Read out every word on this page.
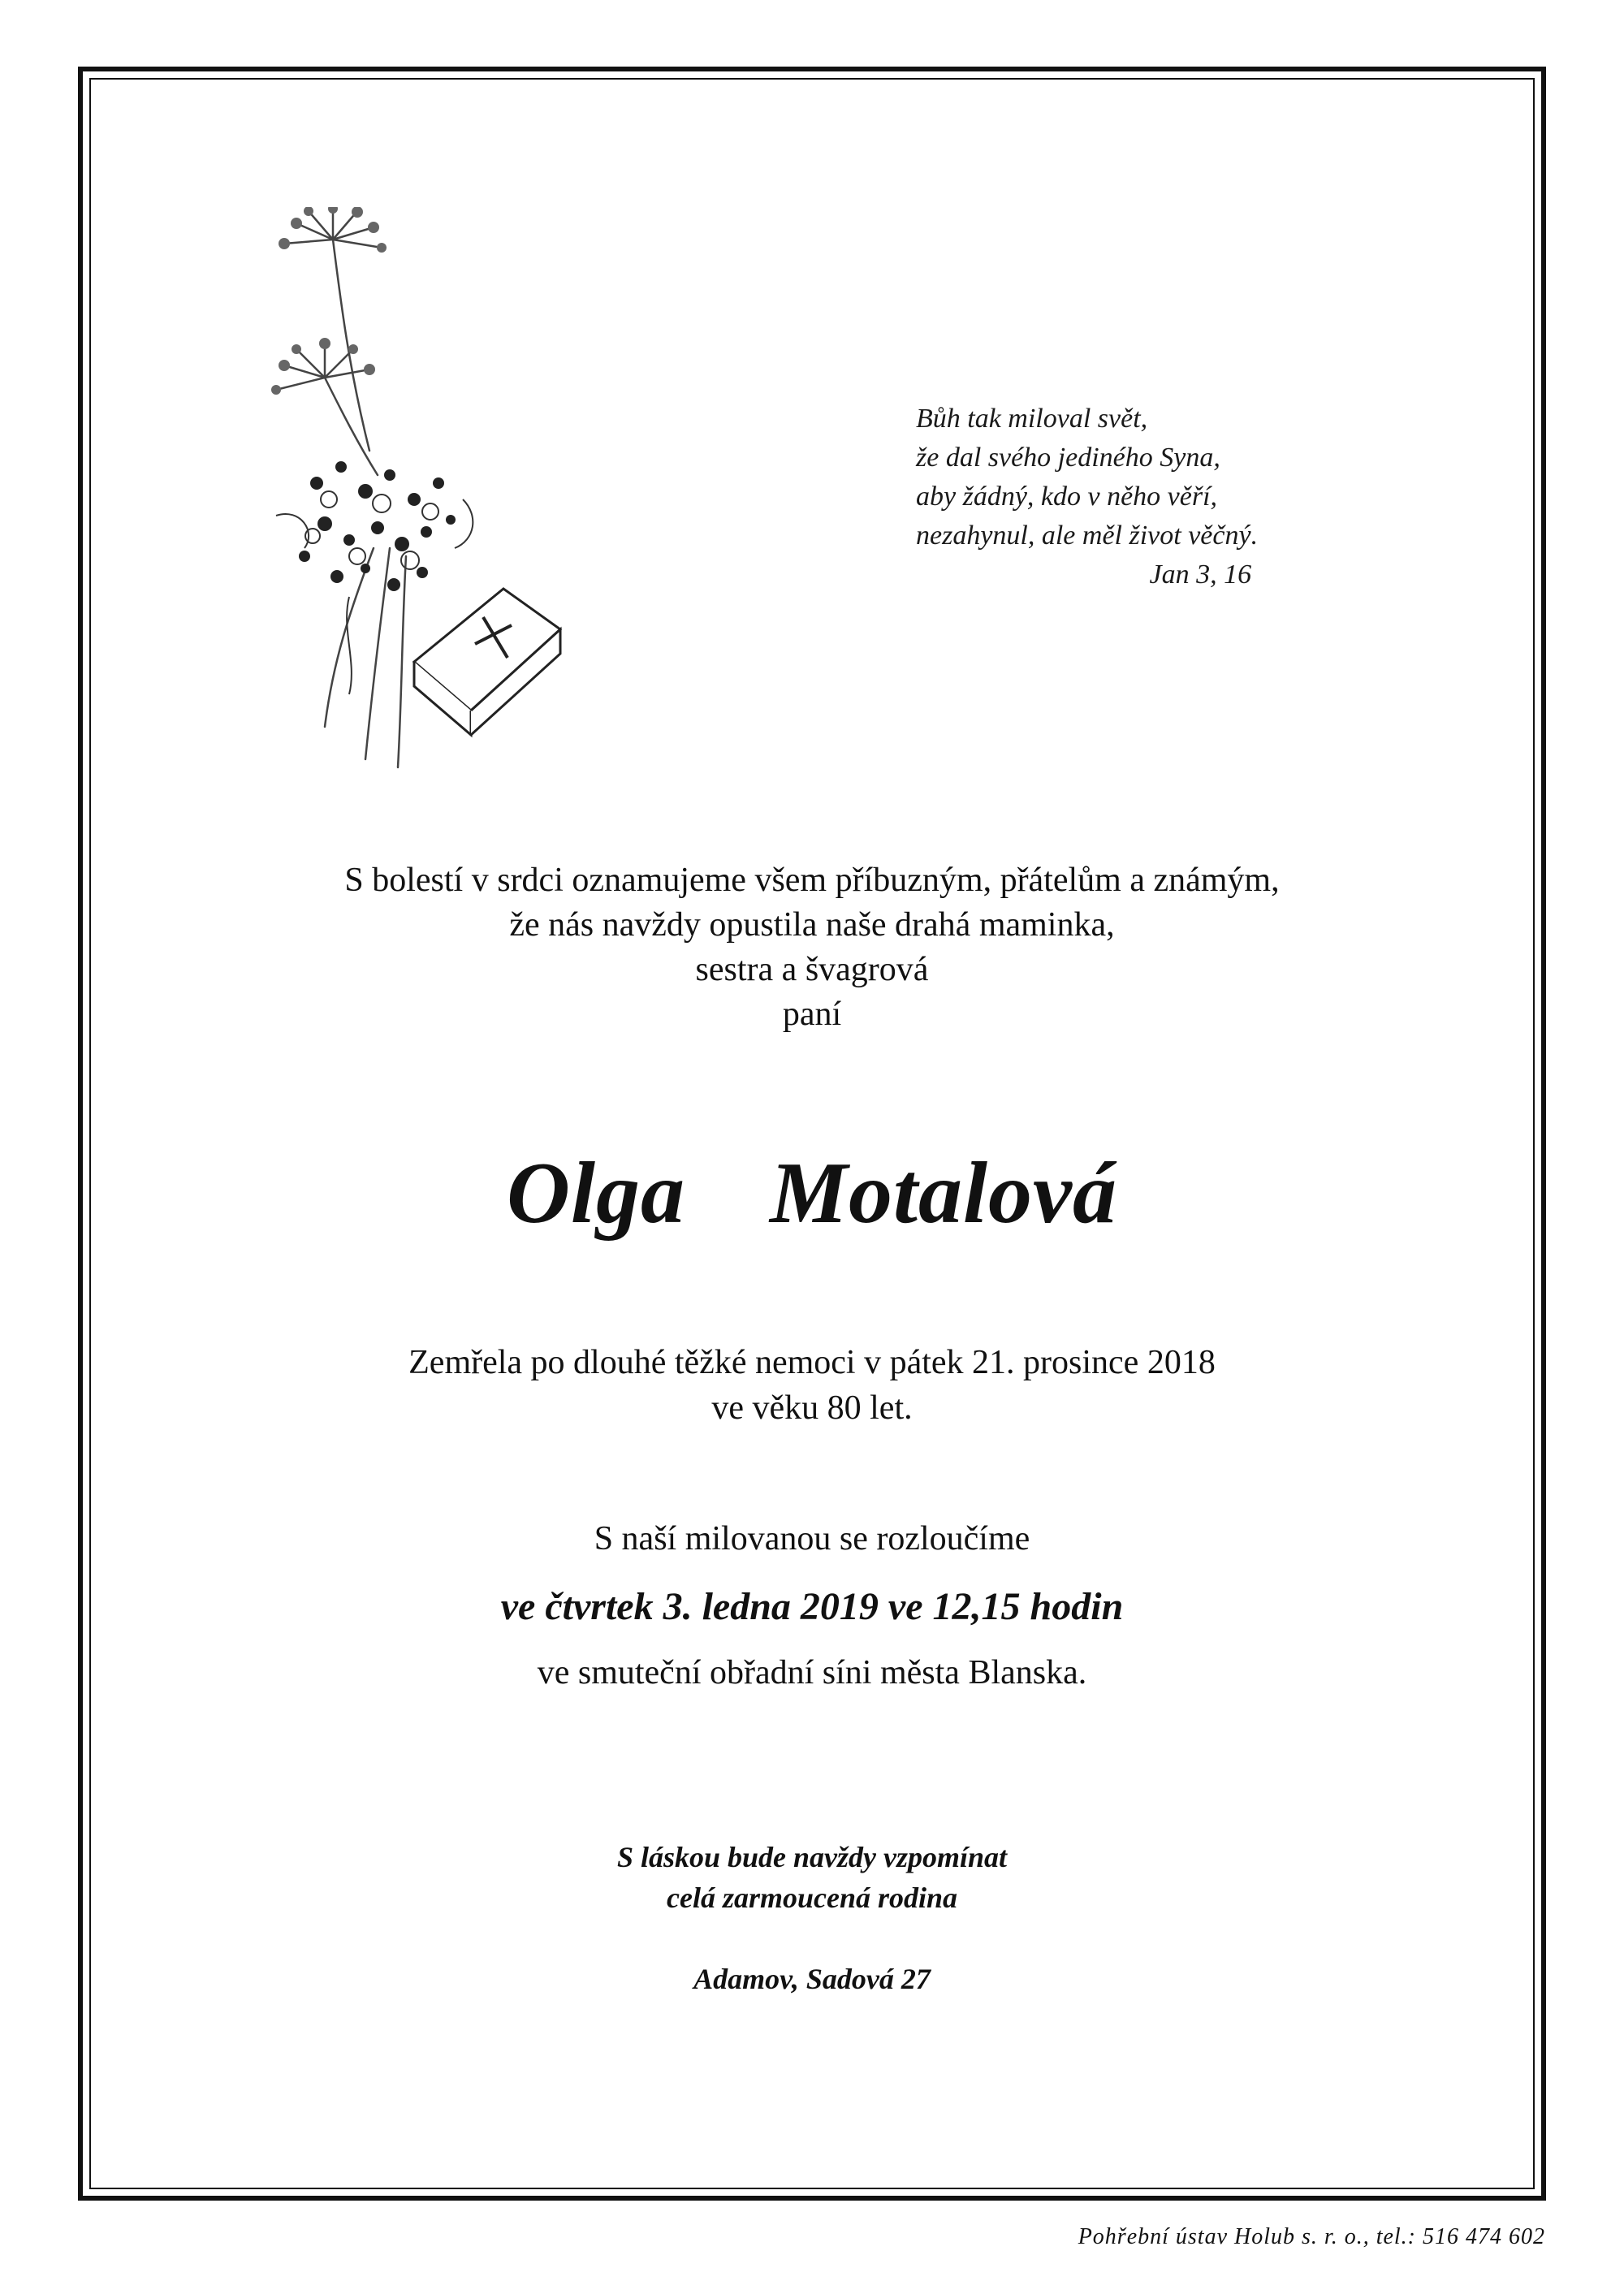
Bůh tak miloval svět,
že dal svého jediného Syna,
aby žádný, kdo v něho věří,
nezahynul, ale měl život věčný.
Jan 3, 16
S bolestí v srdci oznamujeme všem příbuzným, přátelům a známým,
že nás navždy opustila naše drahá maminka,
sestra a švagrová
paní
Olga  Motalová
Zemřela po dlouhé těžké nemoci v pátek 21. prosince 2018
ve věku 80 let.
S naší milovanou se rozloučíme
ve čtvrtek 3. ledna 2019 ve 12,15 hodin
ve smuteční obřadní síni města Blanska.
S láskou bude navždy vzpomínat
celá zarmoucená rodina
Adamov, Sadová 27
Pohřební ústav Holub s. r. o., tel.: 516 474 602
